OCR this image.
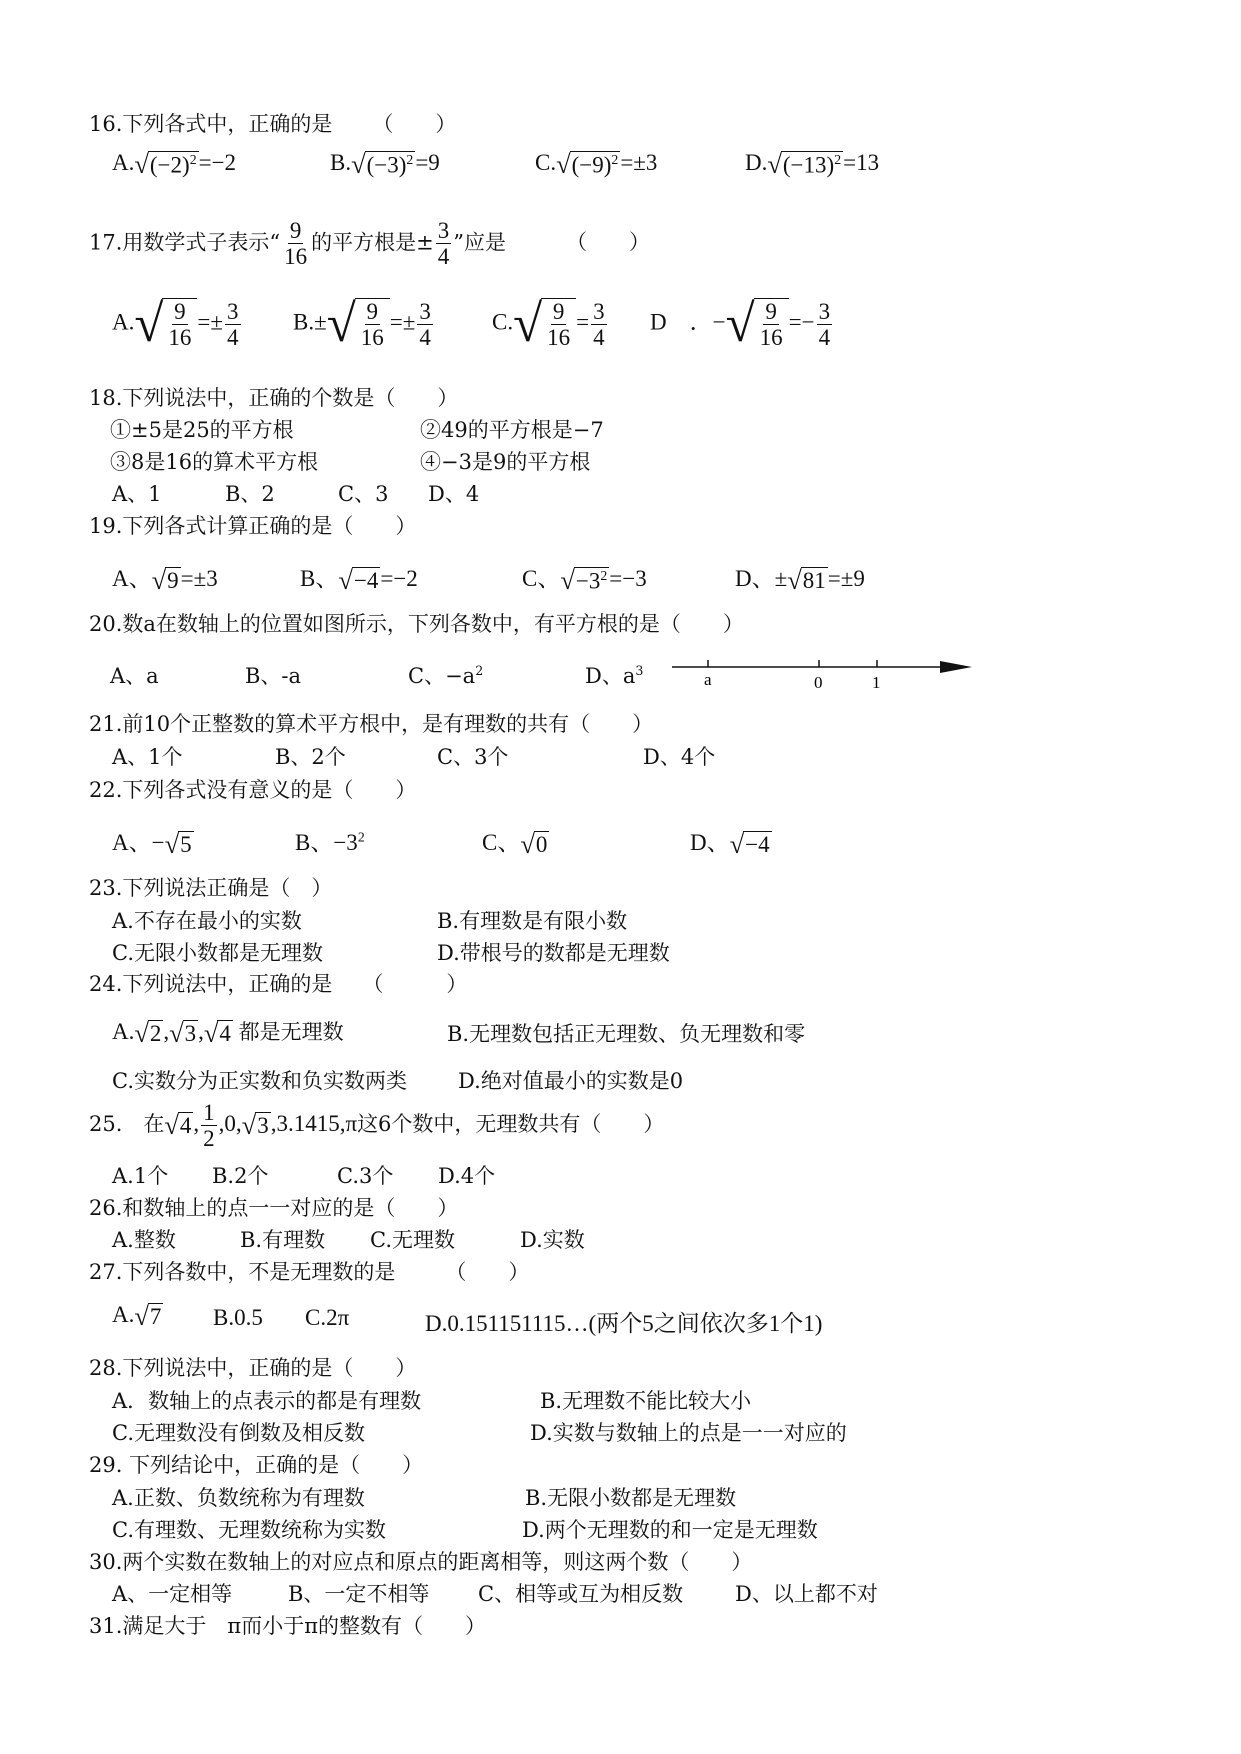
16.下列各式中，正确的是 （　　）
A. √ $(-2)^2 =-2$	B. √ $(-3)^2 =9$	C. √ $(-9)^2 =\pm 3$	D. √ $(-13)^2 =13$
17.用数学式子表示“ $\frac{9}{16}$ 的平方根是± $\frac{3}{4}$ ”应是	（　　）
A. √ $\frac{9}{16} =\pm \frac{3}{4} B.\pm$ √ $\frac{9}{16} =\pm \frac{3}{4}$	C. √ $\frac{9}{16} = \frac{3}{4}$ D　．− √ $\frac{9}{16} =- \frac{3}{4}$
18.下列说法中，正确的个数是（　　）
①±5是25的平方根	②49的平方根是−7
③8是16的算术平方根	④−3是9的平方根
A、1	B、2	C、3 D、4
19.下列各式计算正确的是（　　）
A、 √ 9 =±3	B、 √ −4 =−2	C、 √ $-3^2 =-3$	D、± √ 81 =±9
20.数a在数轴上的位置如图所示，下列各数中，有平方根的是（　　）
A、a	B、-a	C、$-a^2$	D、$a^3$	a	0	1
21.前10个正整数的算术平方根中，是有理数的共有（　　）
A、1个	B、2个	C、3个	D、4个
22.下列各式没有意义的是（　　）
A、− √ 5	B、$-3^2$	C、 √ 0	D、 √ −4
23.下列说法正确是（　）
A.不存在最小的实数	B.有理数是有限小数
C.无限小数都是无理数	D.带根号的数都是无理数
24.下列说法中，正确的是 （　　　）
A. √ 2 , √ 3 , √ 4 都是无理数	B.无理数包括正无理数、负无理数和零
C.实数分为正实数和负实数两类 D.绝对值最小的实数是0
25.　在 √ 4 , $\frac{1}{2} ,0$, √ 3 ,3.1415,π这6个数中，无理数共有（　　）
A.1个 B.2个	C.3个 D.4个
26.和数轴上的点一一对应的是（　　）
A.整数	B.有理数 C.无理数	D.实数
27.下列各数中，不是无理数的是 （　　）
A. √ 7 B.0.5 C.2π	D.0.151151115…(两个5之间依次多1个1)
28.下列说法中，正确的是（　　）
A．数轴上的点表示的都是有理数	B.无理数不能比较大小
C.无理数没有倒数及相反数	D.实数与数轴上的点是一一对应的
29. 下列结论中，正确的是（　　）
A.正数、负数统称为有理数	B.无限小数都是无理数
C.有理数、无理数统称为实数	D.两个无理数的和一定是无理数
30.两个实数在数轴上的对应点和原点的距离相等，则这两个数（　　）
A、一定相等	B、一定不相等 C、相等或互为相反数 D、以上都不对
31.满足大于　π而小于π的整数有（　　）
